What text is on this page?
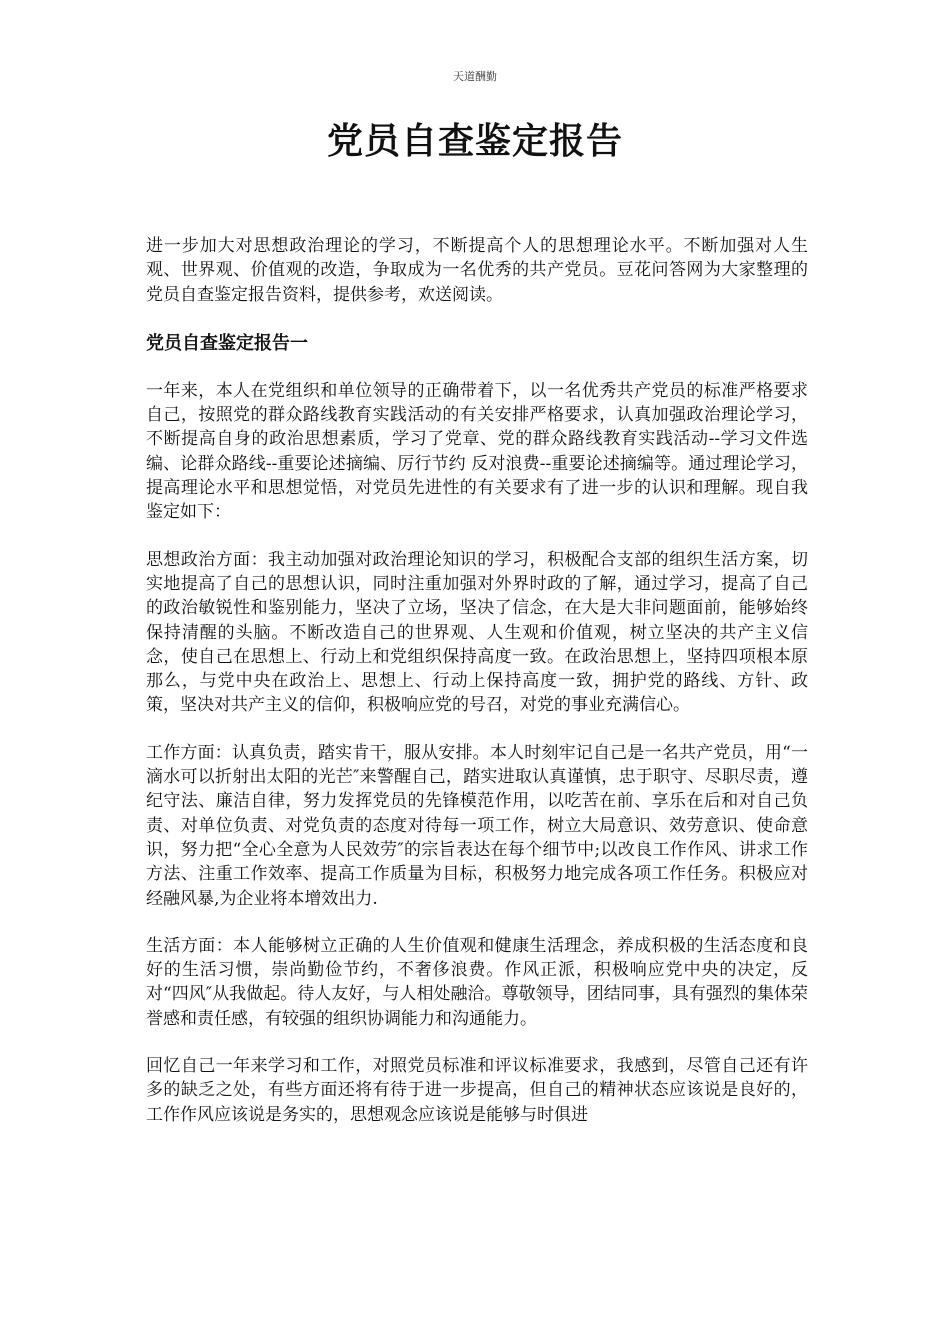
天道酬勤
党员自查鉴定报告

进一步加大对思想政治理论的学习，不断提高个人的思想理论水平。不断加强对人生观、世界观、价值观的改造，争取成为一名优秀的共产党员。豆花问答网为大家整理的党员自查鉴定报告资料，提供参考，欢送阅读。

党员自查鉴定报告一

一年来，本人在党组织和单位领导的正确带着下，以一名优秀共产党员的标准严格要求自己，按照党的群众路线教育实践活动的有关安排严格要求，认真加强政治理论学习，不断提高自身的政治思想素质，学习了党章、党的群众路线教育实践活动--学习文件选编、论群众路线--重要论述摘编、厉行节约 反对浪费--重要论述摘编等。通过理论学习，提高理论水平和思想觉悟，对党员先进性的有关要求有了进一步的认识和理解。现自我鉴定如下：

思想政治方面：我主动加强对政治理论知识的学习，积极配合支部的组织生活方案，切实地提高了自己的思想认识，同时注重加强对外界时政的了解，通过学习，提高了自己的政治敏锐性和鉴别能力，坚决了立场，坚决了信念，在大是大非问题面前，能够始终保持清醒的头脑。不断改造自己的世界观、人生观和价值观，树立坚决的共产主义信念，使自己在思想上、行动上和党组织保持高度一致。在政治思想上，坚持四项根本原那么，与党中央在政治上、思想上、行动上保持高度一致，拥护党的路线、方针、政策，坚决对共产主义的信仰，积极响应党的号召，对党的事业充满信心。

工作方面：认真负责，踏实肯干，服从安排。本人时刻牢记自己是一名共产党员，用“一滴水可以折射出太阳的光芒″来警醒自己，踏实进取认真谨慎，忠于职守、尽职尽责，遵纪守法、廉洁自律，努力发挥党员的先锋模范作用，以吃苦在前、享乐在后和对自己负责、对单位负责、对党负责的态度对待每一项工作，树立大局意识、效劳意识、使命意识，努力把“全心全意为人民效劳″的宗旨表达在每个细节中;以改良工作作风、讲求工作方法、注重工作效率、提高工作质量为目标，积极努力地完成各项工作任务。积极应对经融风暴,为企业将本增效出力.

生活方面：本人能够树立正确的人生价值观和健康生活理念，养成积极的生活态度和良好的生活习惯，崇尚勤俭节约，不奢侈浪费。作风正派，积极响应党中央的决定，反对“四风″从我做起。待人友好，与人相处融洽。尊敬领导，团结同事，具有强烈的集体荣誉感和责任感，有较强的组织协调能力和沟通能力。

回忆自己一年来学习和工作，对照党员标准和评议标准要求，我感到，尽管自己还有许多的缺乏之处，有些方面还将有待于进一步提高，但自己的精神状态应该说是良好的，工作作风应该说是务实的，思想观念应该说是能够与时俱进
